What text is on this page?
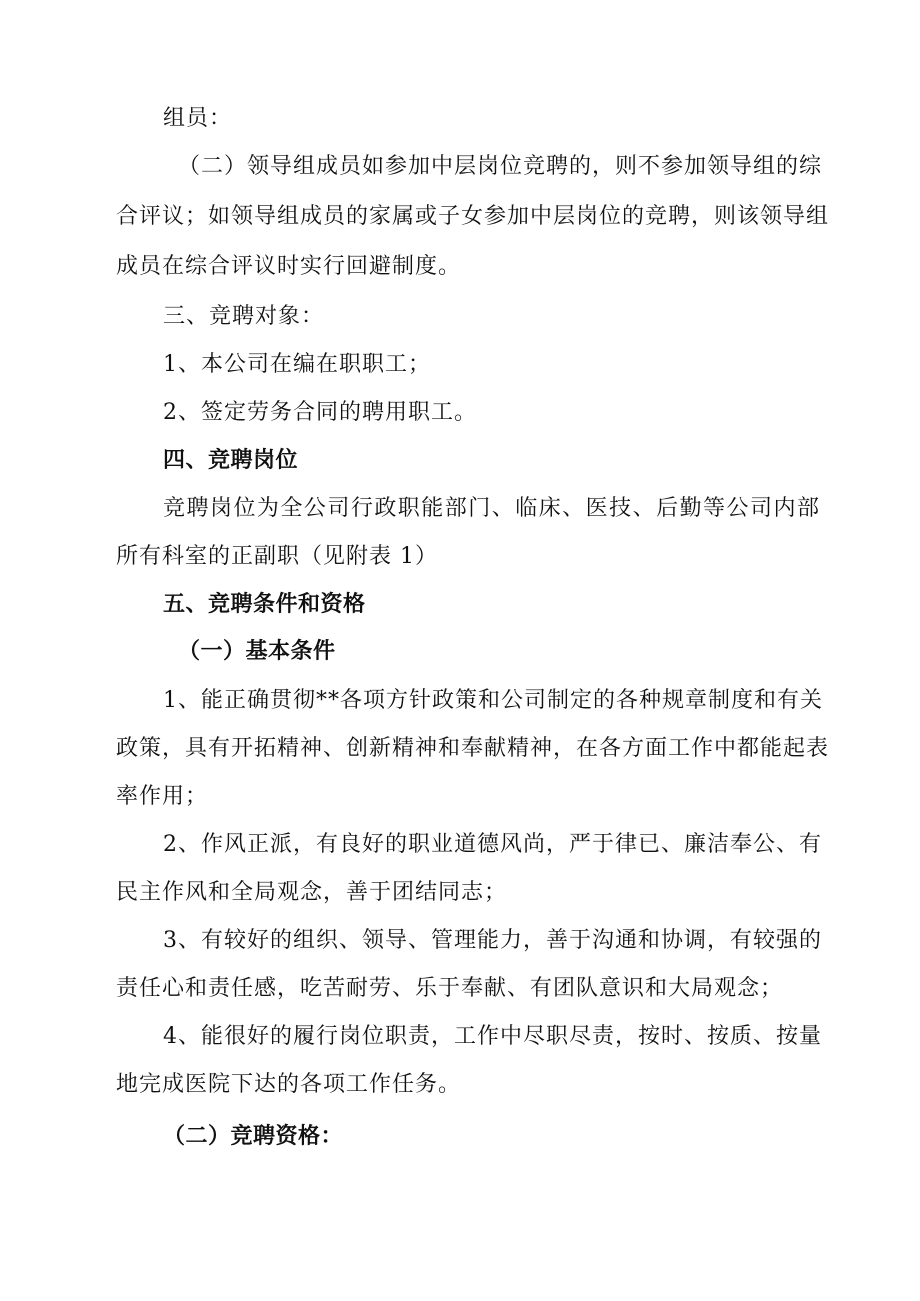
组员：
（二）领导组成员如参加中层岗位竞聘的，则不参加领导组的综
合评议；如领导组成员的家属或子女参加中层岗位的竞聘，则该领导组
成员在综合评议时实行回避制度。
三、竞聘对象：
1、本公司在编在职职工；
2、签定劳务合同的聘用职工。
四、竞聘岗位
竞聘岗位为全公司行政职能部门、临床、医技、后勤等公司内部
所有科室的正副职（见附表 1）
五、竞聘条件和资格
（一）基本条件
1、能正确贯彻**各项方针政策和公司制定的各种规章制度和有关
政策，具有开拓精神、创新精神和奉献精神，在各方面工作中都能起表
率作用；
2、作风正派，有良好的职业道德风尚，严于律已、廉洁奉公、有
民主作风和全局观念，善于团结同志；
3、有较好的组织、领导、管理能力，善于沟通和协调，有较强的
责任心和责任感，吃苦耐劳、乐于奉献、有团队意识和大局观念；
4、能很好的履行岗位职责，工作中尽职尽责，按时、按质、按量
地完成医院下达的各项工作任务。
（二）竞聘资格：
